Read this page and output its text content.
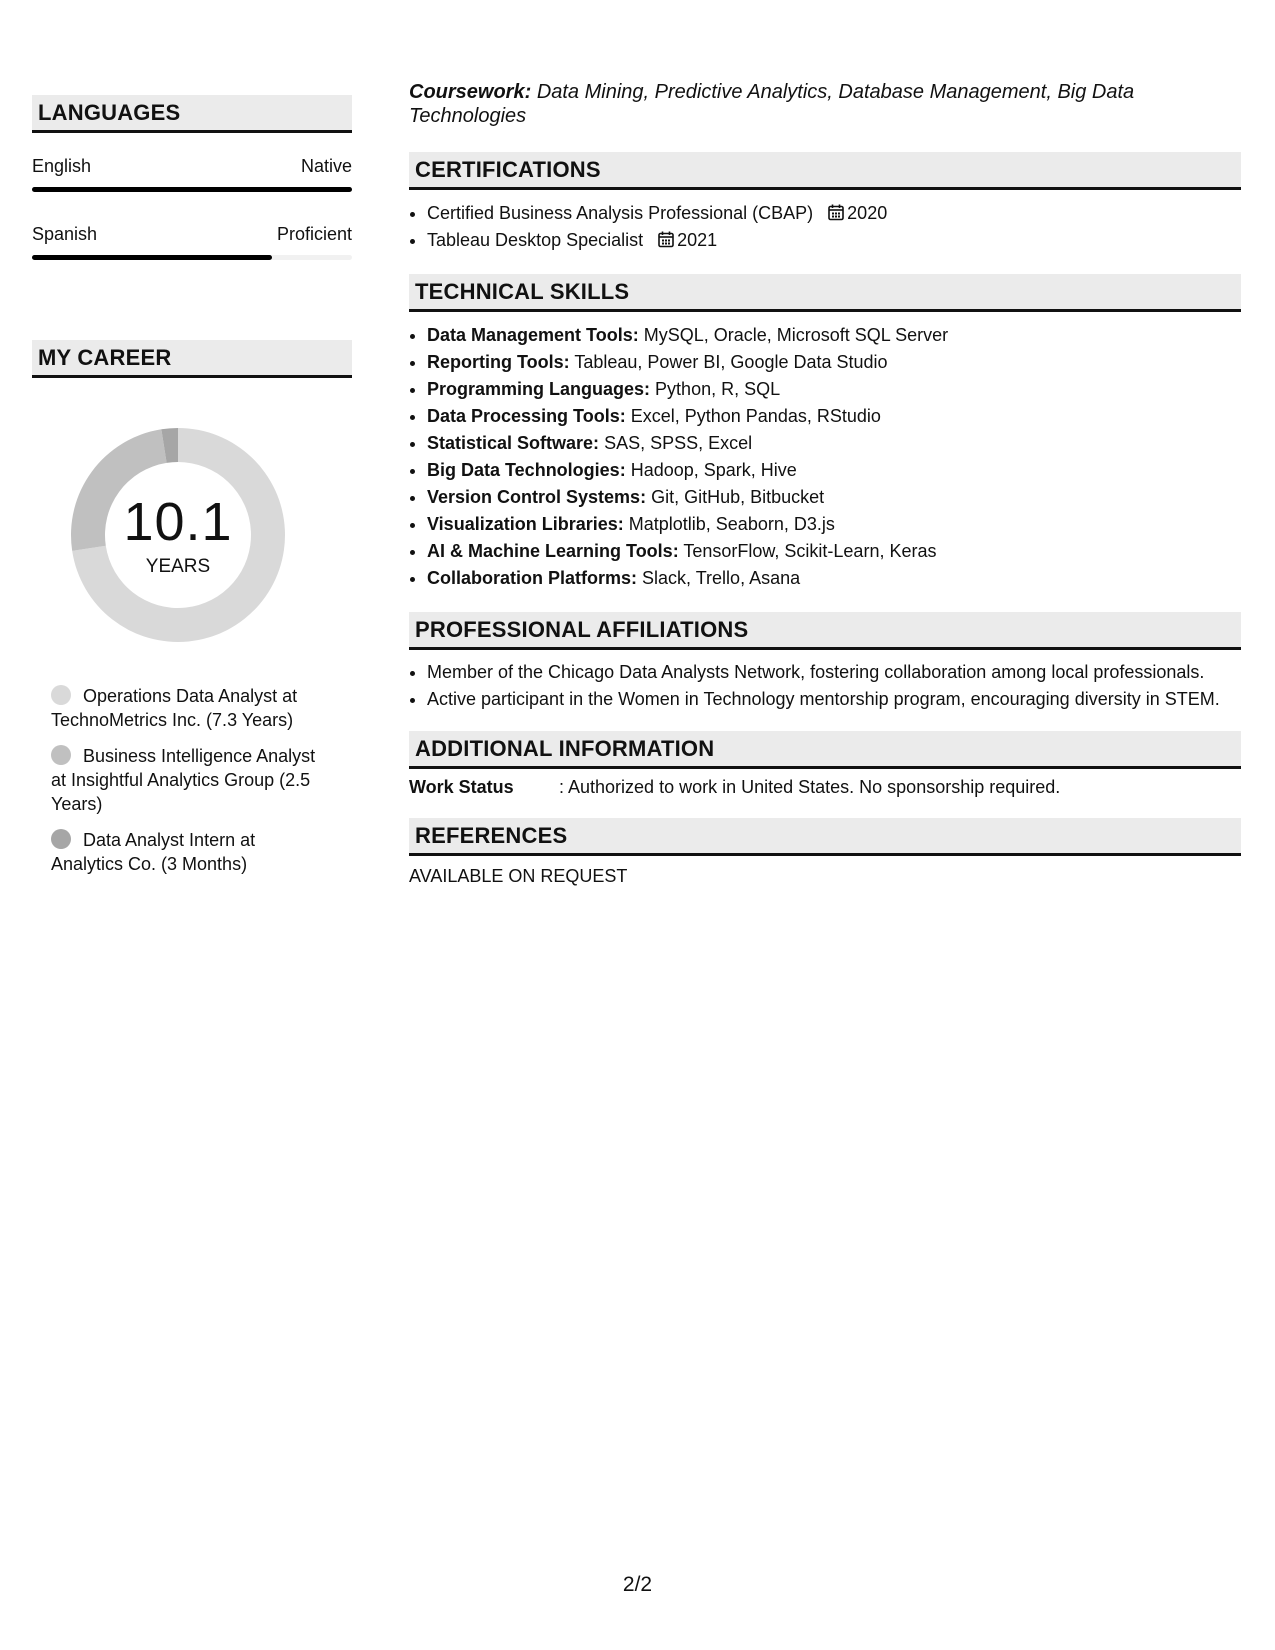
LANGUAGES
English	Native
Spanish	Proficient
MY CAREER
10.1
YEARS
Operations Data Analyst at TechnoMetrics Inc. (7.3 Years)
Business Intelligence Analyst at Insightful Analytics Group (2.5 Years)
Data Analyst Intern at Analytics Co. (3 Months)
Coursework: Data Mining, Predictive Analytics, Database Management, Big Data Technologies
CERTIFICATIONS
• Certified Business Analysis Professional (CBAP) 2020
• Tableau Desktop Specialist 2021
TECHNICAL SKILLS
• Data Management Tools: MySQL, Oracle, Microsoft SQL Server
• Reporting Tools: Tableau, Power BI, Google Data Studio
• Programming Languages: Python, R, SQL
• Data Processing Tools: Excel, Python Pandas, RStudio
• Statistical Software: SAS, SPSS, Excel
• Big Data Technologies: Hadoop, Spark, Hive
• Version Control Systems: Git, GitHub, Bitbucket
• Visualization Libraries: Matplotlib, Seaborn, D3.js
• AI & Machine Learning Tools: TensorFlow, Scikit-Learn, Keras
• Collaboration Platforms: Slack, Trello, Asana
PROFESSIONAL AFFILIATIONS
• Member of the Chicago Data Analysts Network, fostering collaboration among local professionals.
• Active participant in the Women in Technology mentorship program, encouraging diversity in STEM.
ADDITIONAL INFORMATION
Work Status	: Authorized to work in United States. No sponsorship required.
REFERENCES
AVAILABLE ON REQUEST
2/2
